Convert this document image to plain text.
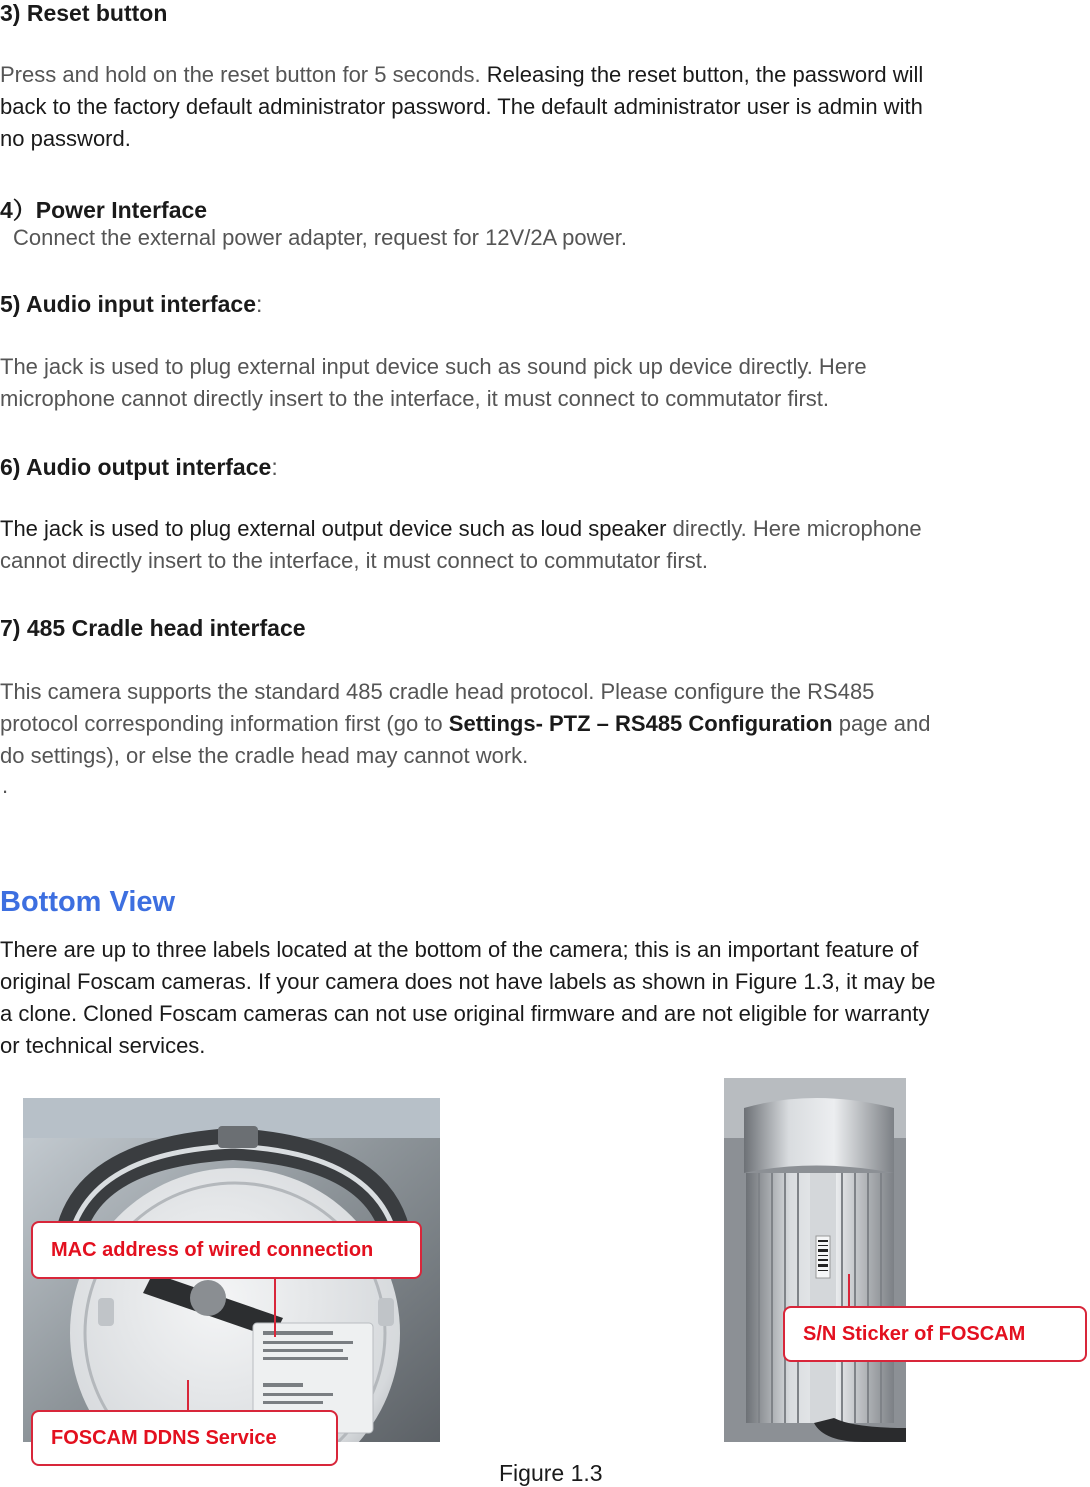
3) Reset button
Press and hold on the reset button for 5 seconds. Releasing the reset button, the password will
back to the factory default administrator password. The default administrator user is admin with
no password.
4）Power Interface
Connect the external power adapter, request for 12V/2A power.
5) Audio input interface:
The jack is used to plug external input device such as sound pick up device directly. Here
microphone cannot directly insert to the interface, it must connect to commutator first.
6) Audio output interface:
The jack is used to plug external output device such as loud speaker directly. Here microphone
cannot directly insert to the interface, it must connect to commutator first.
7) 485 Cradle head interface
This camera supports the standard 485 cradle head protocol. Please configure the RS485
protocol corresponding information first (go to Settings- PTZ – RS485 Configuration page and
do settings), or else the cradle head may cannot work.
.
Bottom View
There are up to three labels located at the bottom of the camera; this is an important feature of
original Foscam cameras. If your camera does not have labels as shown in Figure 1.3, it may be
a clone. Cloned Foscam cameras can not use original firmware and are not eligible for warranty
or technical services.
MAC address of wired connection
FOSCAM DDNS Service
S/N Sticker of FOSCAM
Figure 1.3
